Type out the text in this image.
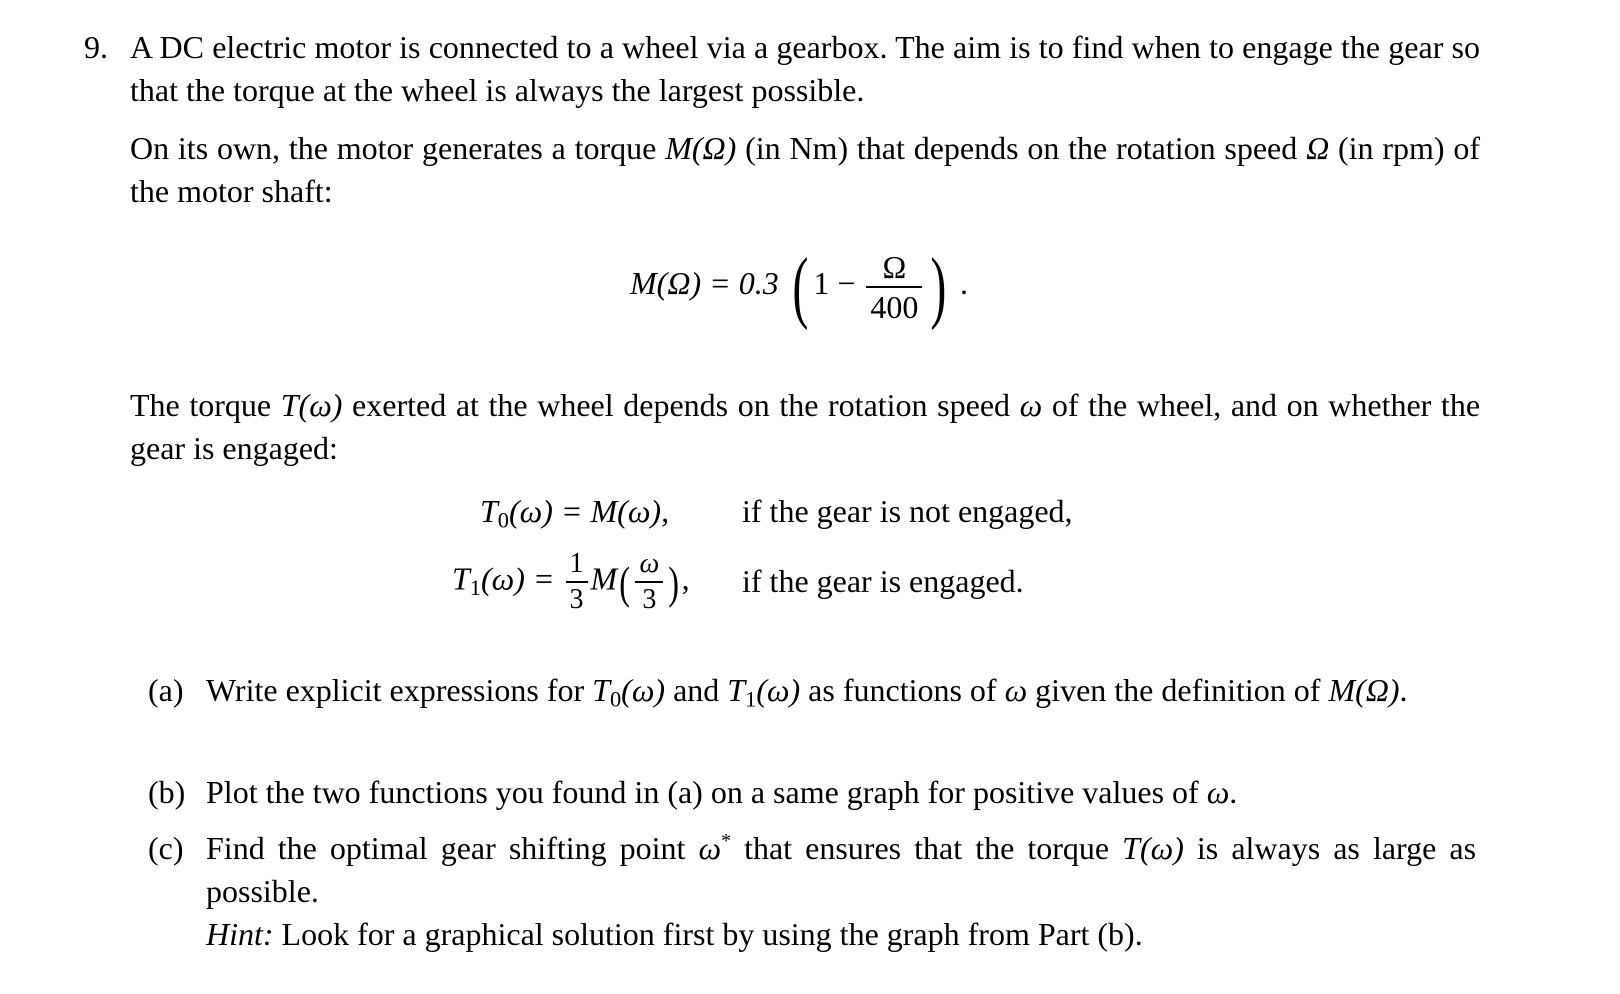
9. A DC electric motor is connected to a wheel via a gearbox. The aim is to find when to engage the gear so that the torque at the wheel is always the largest possible.
On its own, the motor generates a torque M(Ω) (in Nm) that depends on the rotation speed Ω (in rpm) of the motor shaft:
M(Ω) = 0.3 ( $1 - \frac{\Omega}{400}$ ) .
The torque T(ω) exerted at the wheel depends on the rotation speed ω of the wheel, and on whether the gear is engaged:
$T_0(\omega) = M(\omega)$, if the gear is not engaged,
$T_1(\omega) = \frac{1}{3} M( \frac{\omega}{3}$ ), if the gear is engaged.
(a) Write explicit expressions for $T_0(\omega)$ and $T_1(\omega)$ as functions of ω given the definition of M(Ω).
(b) Plot the two functions you found in (a) on a same graph for positive values of ω.
(c) Find the optimal gear shifting point ω* that ensures that the torque T(ω) is always as large as possible.
Hint: Look for a graphical solution first by using the graph from Part (b).
